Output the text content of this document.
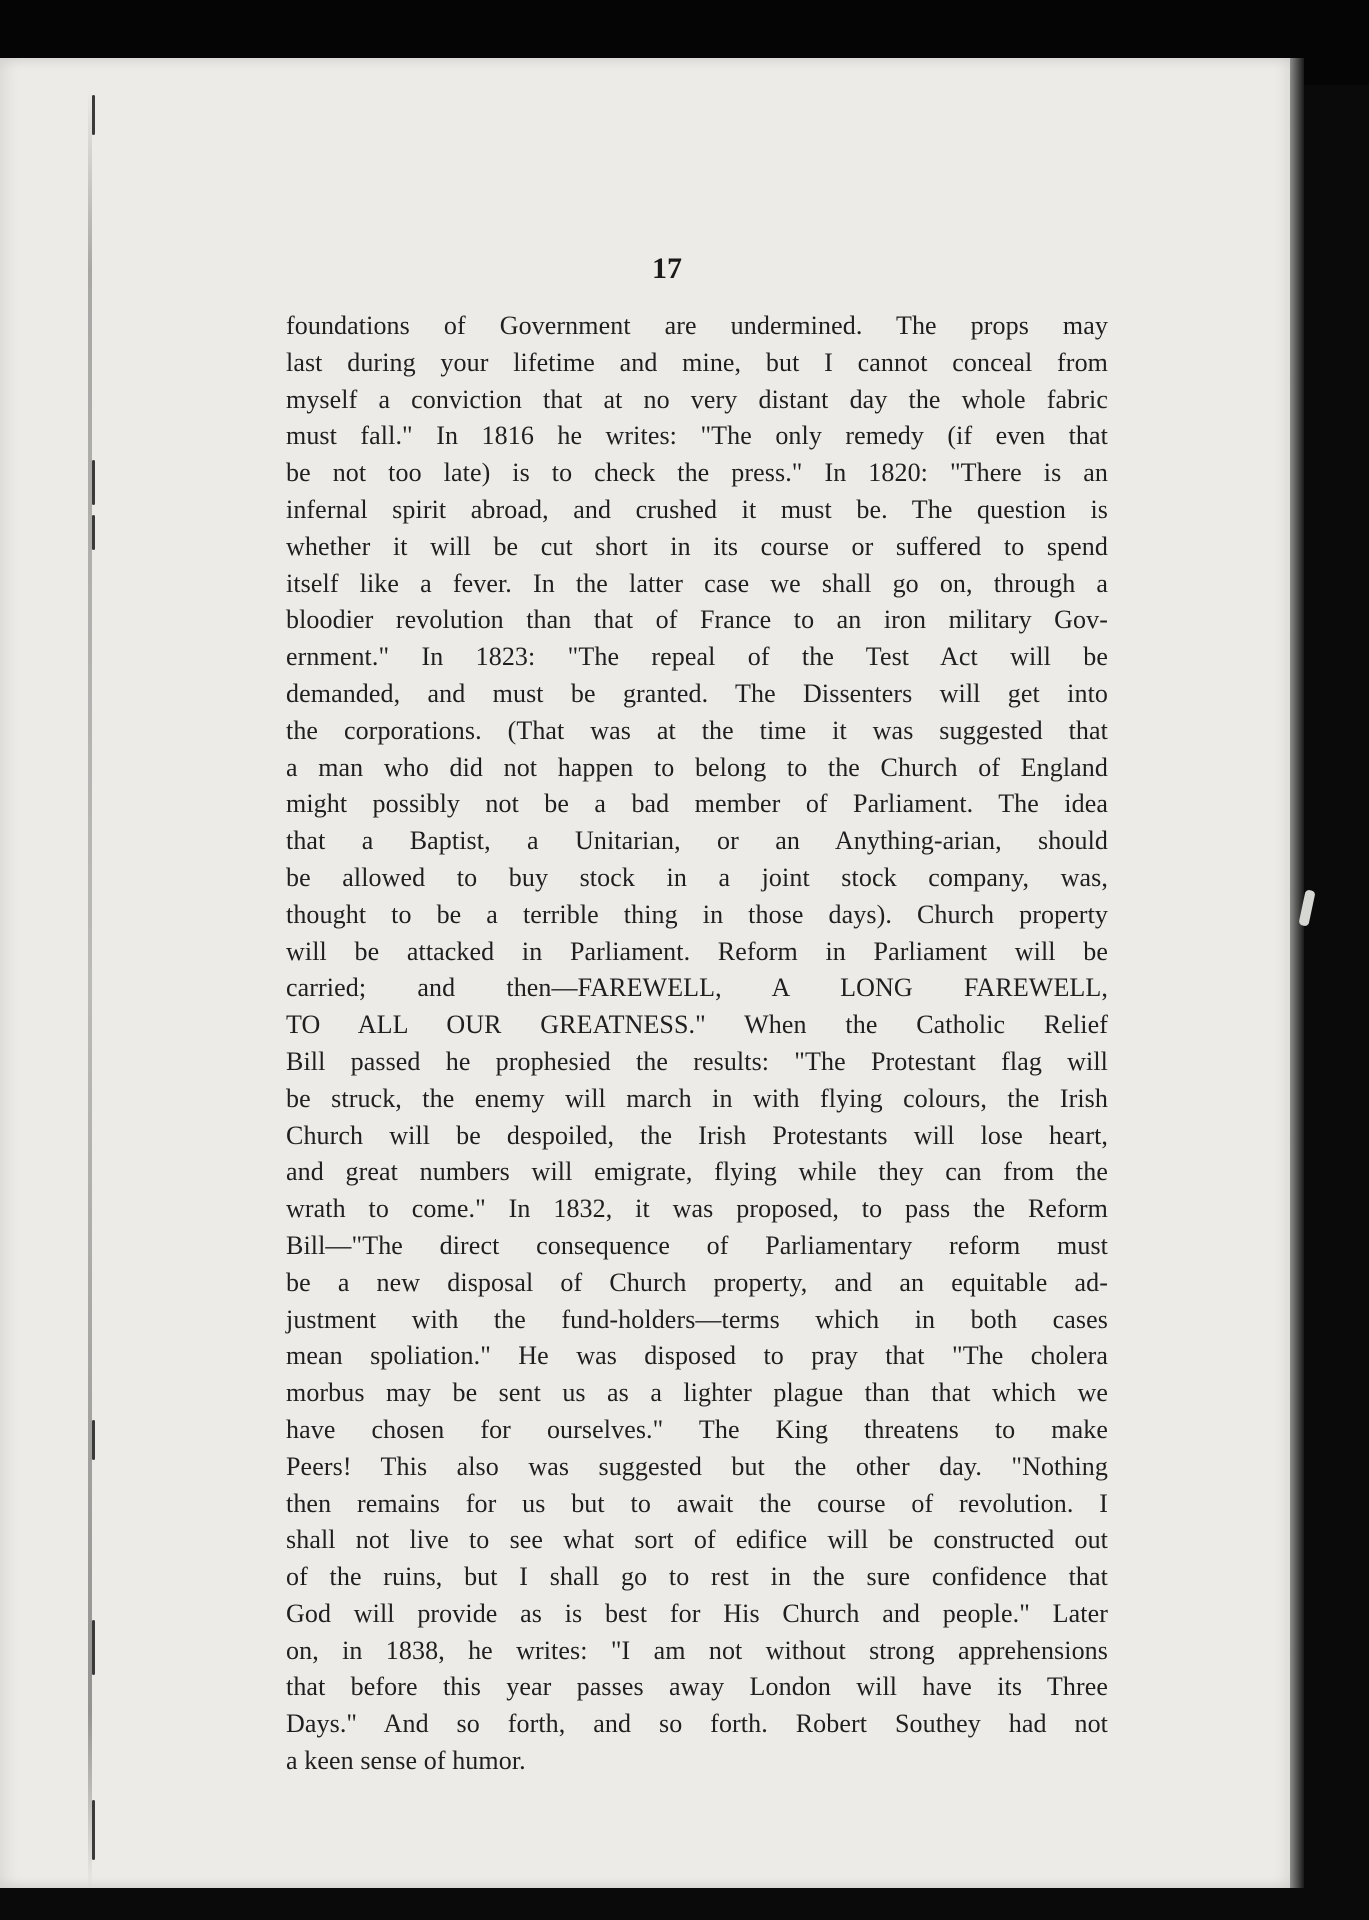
17
foundations of Government are undermined. The props may
last during your lifetime and mine, but I cannot conceal from
myself a conviction that at no very distant day the whole fabric
must fall." In 1816 he writes: "The only remedy (if even that
be not too late) is to check the press." In 1820: "There is an
infernal spirit abroad, and crushed it must be. The question is
whether it will be cut short in its course or suffered to spend
itself like a fever. In the latter case we shall go on, through a
bloodier revolution than that of France to an iron military Gov-
ernment." In 1823: "The repeal of the Test Act will be
demanded, and must be granted. The Dissenters will get into
the corporations. (That was at the time it was suggested that
a man who did not happen to belong to the Church of England
might possibly not be a bad member of Parliament. The idea
that a Baptist, a Unitarian, or an Anything-arian, should
be allowed to buy stock in a joint stock company, was,
thought to be a terrible thing in those days). Church property
will be attacked in Parliament. Reform in Parliament will be
carried; and then—FAREWELL, A LONG FAREWELL,
TO ALL OUR GREATNESS." When the Catholic Relief
Bill passed he prophesied the results: "The Protestant flag will
be struck, the enemy will march in with flying colours, the Irish
Church will be despoiled, the Irish Protestants will lose heart,
and great numbers will emigrate, flying while they can from the
wrath to come." In 1832, it was proposed, to pass the Reform
Bill—"The direct consequence of Parliamentary reform must
be a new disposal of Church property, and an equitable ad-
justment with the fund-holders—terms which in both cases
mean spoliation." He was disposed to pray that "The cholera
morbus may be sent us as a lighter plague than that which we
have chosen for ourselves." The King threatens to make
Peers! This also was suggested but the other day. "Nothing
then remains for us but to await the course of revolution. I
shall not live to see what sort of edifice will be constructed out
of the ruins, but I shall go to rest in the sure confidence that
God will provide as is best for His Church and people." Later
on, in 1838, he writes: "I am not without strong apprehensions
that before this year passes away London will have its Three
Days." And so forth, and so forth. Robert Southey had not
a keen sense of humor.
